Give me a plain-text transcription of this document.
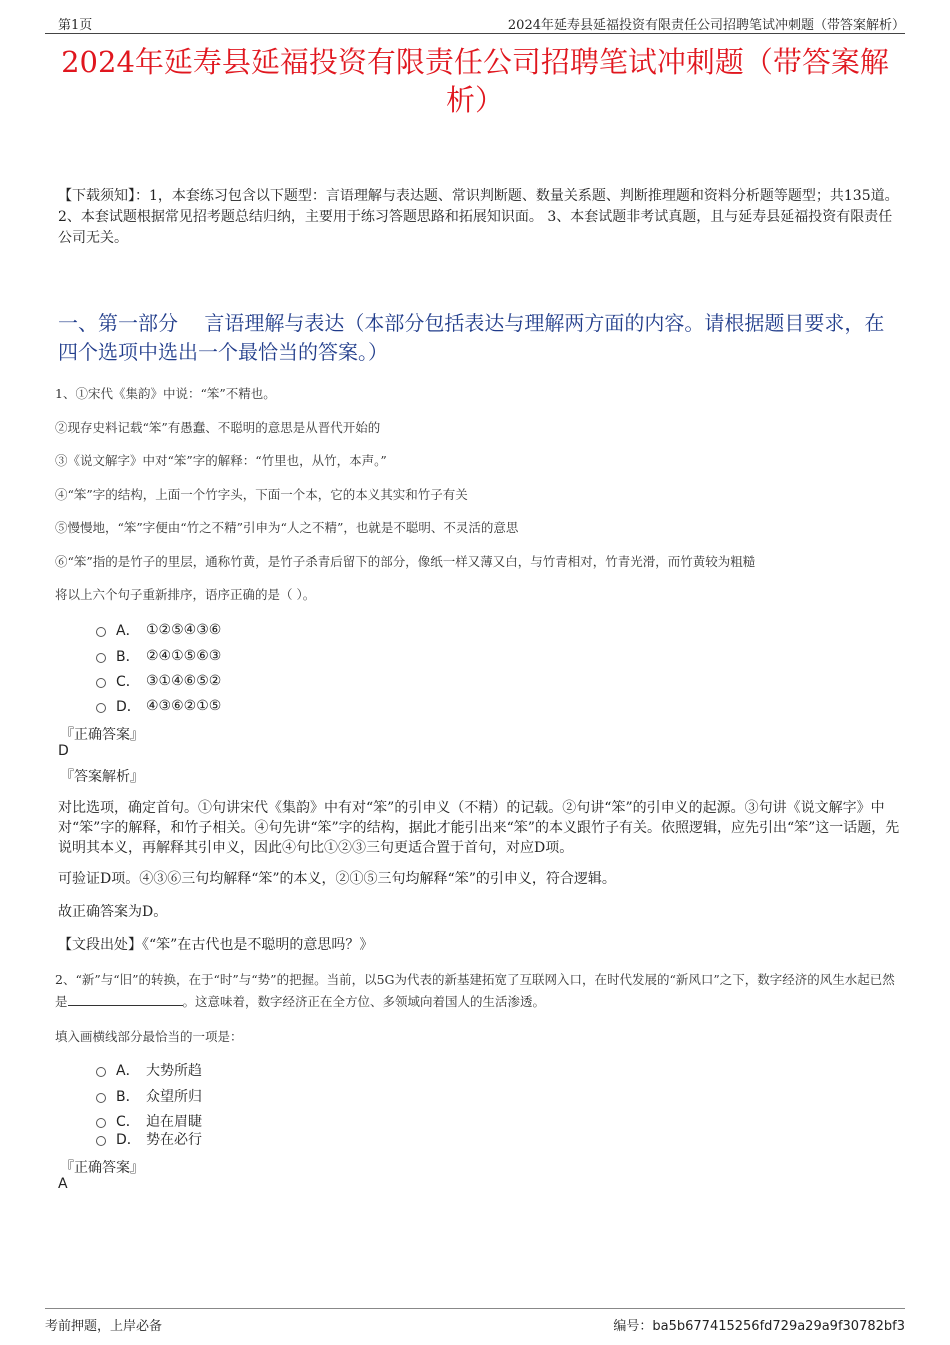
第1页	2024年延寿县延福投资有限责任公司招聘笔试冲刺题（带答案解析）
2024年延寿县延福投资有限责任公司招聘笔试冲刺题（带答案解析）
【下载须知】：1，本套练习包含以下题型：言语理解与表达题、常识判断题、数量关系题、判断推理题和资料分析题等题型；共135道。 2、本套试题根据常见招考题总结归纳，主要用于练习答题思路和拓展知识面。 3、本套试题非考试真题，且与延寿县延福投资有限责任公司无关。
一、第一部分　 言语理解与表达（本部分包括表达与理解两方面的内容。请根据题目要求，在四个选项中选出一个最恰当的答案。）
1、①宋代《集韵》中说：“笨”不精也。
②现存史料记载“笨”有愚蠢、不聪明的意思是从晋代开始的
③《说文解字》中对“笨”字的解释：“竹里也，从竹，本声。”
④“笨”字的结构，上面一个竹字头，下面一个本，它的本义其实和竹子有关
⑤慢慢地，“笨”字便由“竹之不精”引申为“人之不精”，也就是不聪明、不灵活的意思
⑥“笨”指的是竹子的里层，通称竹黄，是竹子杀青后留下的部分，像纸一样又薄又白，与竹青相对，竹青光滑，而竹黄较为粗糙
将以上六个句子重新排序，语序正确的是（ ）。
A． ①②⑤④③⑥
B． ②④①⑤⑥③
C． ③①④⑥⑤②
D． ④③⑥②①⑤
『正确答案』
D
『答案解析』
对比选项，确定首句。①句讲宋代《集韵》中有对“笨”的引申义（不精）的记载。②句讲“笨”的引申义的起源。③句讲《说文解字》中对“笨”字的解释，和竹子相关。④句先讲“笨”字的结构，据此才能引出来“笨”的本义跟竹子有关。依照逻辑，应先引出“笨”这一话题，先说明其本义，再解释其引申义，因此④句比①②③三句更适合置于首句，对应D项。
可验证D项。④③⑥三句均解释“笨”的本义，②①⑤三句均解释“笨”的引申义，符合逻辑。
故正确答案为D。
【文段出处】《“笨”在古代也是不聪明的意思吗？》
2、“新”与“旧”的转换，在于“时”与“势”的把握。当前，以5G为代表的新基建拓宽了互联网入口，在时代发展的“新风口”之下，数字经济的风生水起已然是	。这意味着，数字经济正在全方位、多领域向着国人的生活渗透。
填入画横线部分最恰当的一项是：
A． 大势所趋
B． 众望所归
C． 迫在眉睫
D． 势在必行
『正确答案』
A
考前押题，上岸必备	编号：ba5b677415256fd729a29a9f30782bf3
